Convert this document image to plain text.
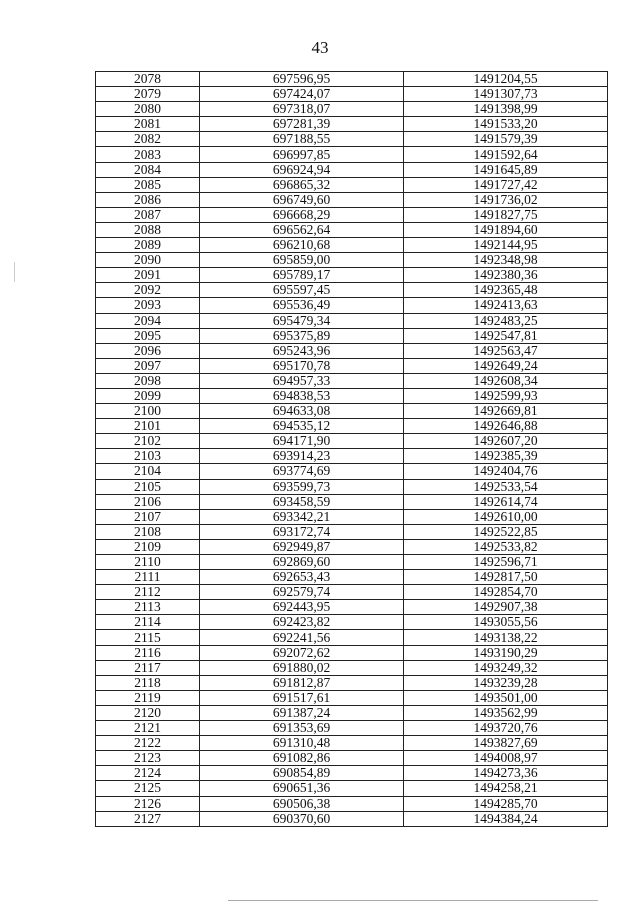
43
2078	697596,95	1491204,55
2079	697424,07	1491307,73
2080	697318,07	1491398,99
2081	697281,39	1491533,20
2082	697188,55	1491579,39
2083	696997,85	1491592,64
2084	696924,94	1491645,89
2085	696865,32	1491727,42
2086	696749,60	1491736,02
2087	696668,29	1491827,75
2088	696562,64	1491894,60
2089	696210,68	1492144,95
2090	695859,00	1492348,98
2091	695789,17	1492380,36
2092	695597,45	1492365,48
2093	695536,49	1492413,63
2094	695479,34	1492483,25
2095	695375,89	1492547,81
2096	695243,96	1492563,47
2097	695170,78	1492649,24
2098	694957,33	1492608,34
2099	694838,53	1492599,93
2100	694633,08	1492669,81
2101	694535,12	1492646,88
2102	694171,90	1492607,20
2103	693914,23	1492385,39
2104	693774,69	1492404,76
2105	693599,73	1492533,54
2106	693458,59	1492614,74
2107	693342,21	1492610,00
2108	693172,74	1492522,85
2109	692949,87	1492533,82
2110	692869,60	1492596,71
2111	692653,43	1492817,50
2112	692579,74	1492854,70
2113	692443,95	1492907,38
2114	692423,82	1493055,56
2115	692241,56	1493138,22
2116	692072,62	1493190,29
2117	691880,02	1493249,32
2118	691812,87	1493239,28
2119	691517,61	1493501,00
2120	691387,24	1493562,99
2121	691353,69	1493720,76
2122	691310,48	1493827,69
2123	691082,86	1494008,97
2124	690854,89	1494273,36
2125	690651,36	1494258,21
2126	690506,38	1494285,70
2127	690370,60	1494384,24
